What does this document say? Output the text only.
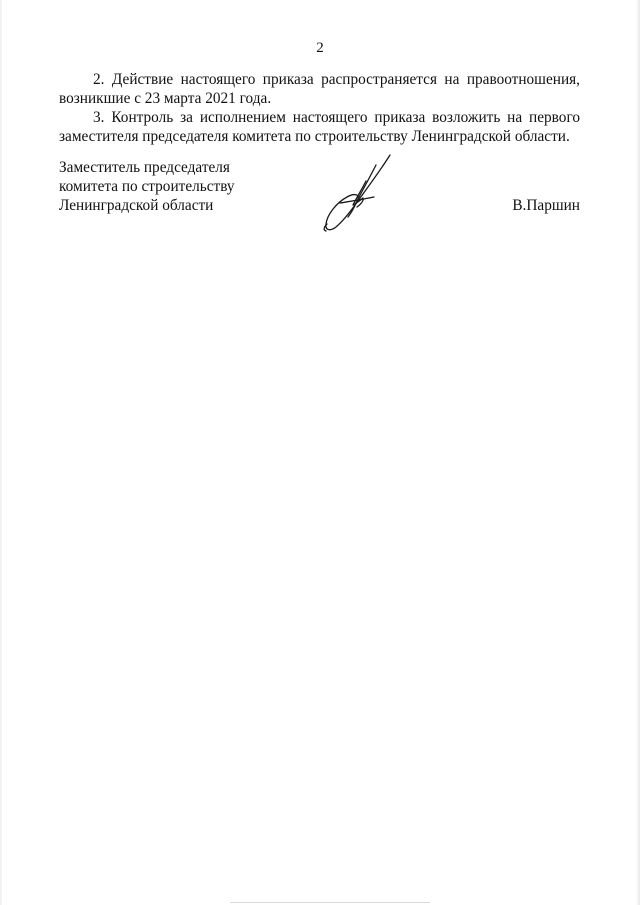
2

2. Действие настоящего приказа распространяется на правоотношения, возникшие с 23 марта 2021 года.

3. Контроль за исполнением настоящего приказа возложить на первого заместителя председателя комитета по строительству Ленинградской области.

Заместитель председателя
комитета по строительству
Ленинградской области	В.Паршин
